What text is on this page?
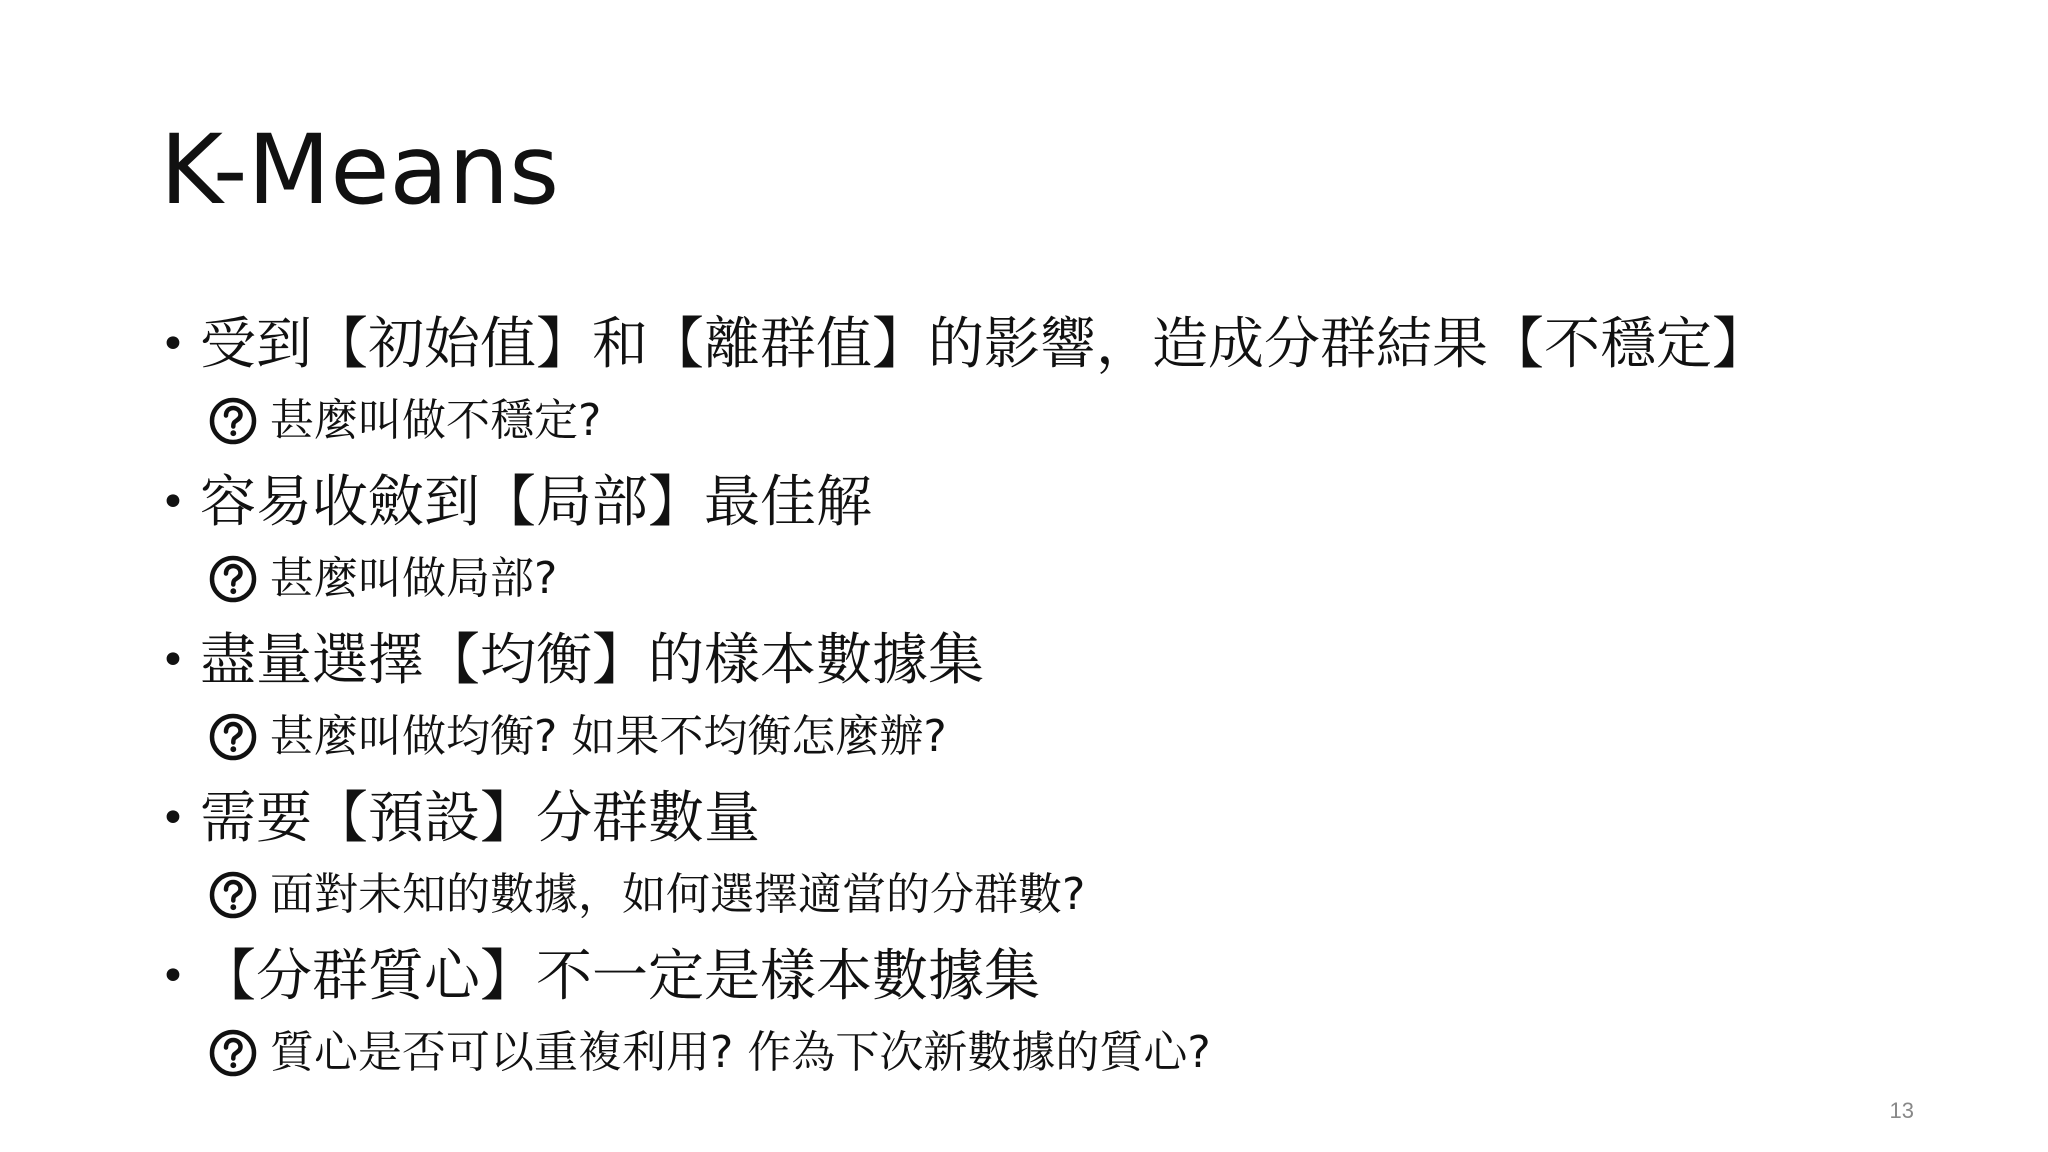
K-Means
• 受到【初始值】和【離群值】的影響，造成分群結果【不穩定】
甚麼叫做不穩定?
• 容易收斂到【局部】最佳解
甚麼叫做局部?
• 盡量選擇【均衡】的樣本數據集
甚麼叫做均衡? 如果不均衡怎麼辦?
• 需要【預設】分群數量
面對未知的數據，如何選擇適當的分群數?
• 【分群質心】不一定是樣本數據集
質心是否可以重複利用? 作為下次新數據的質心?
13
